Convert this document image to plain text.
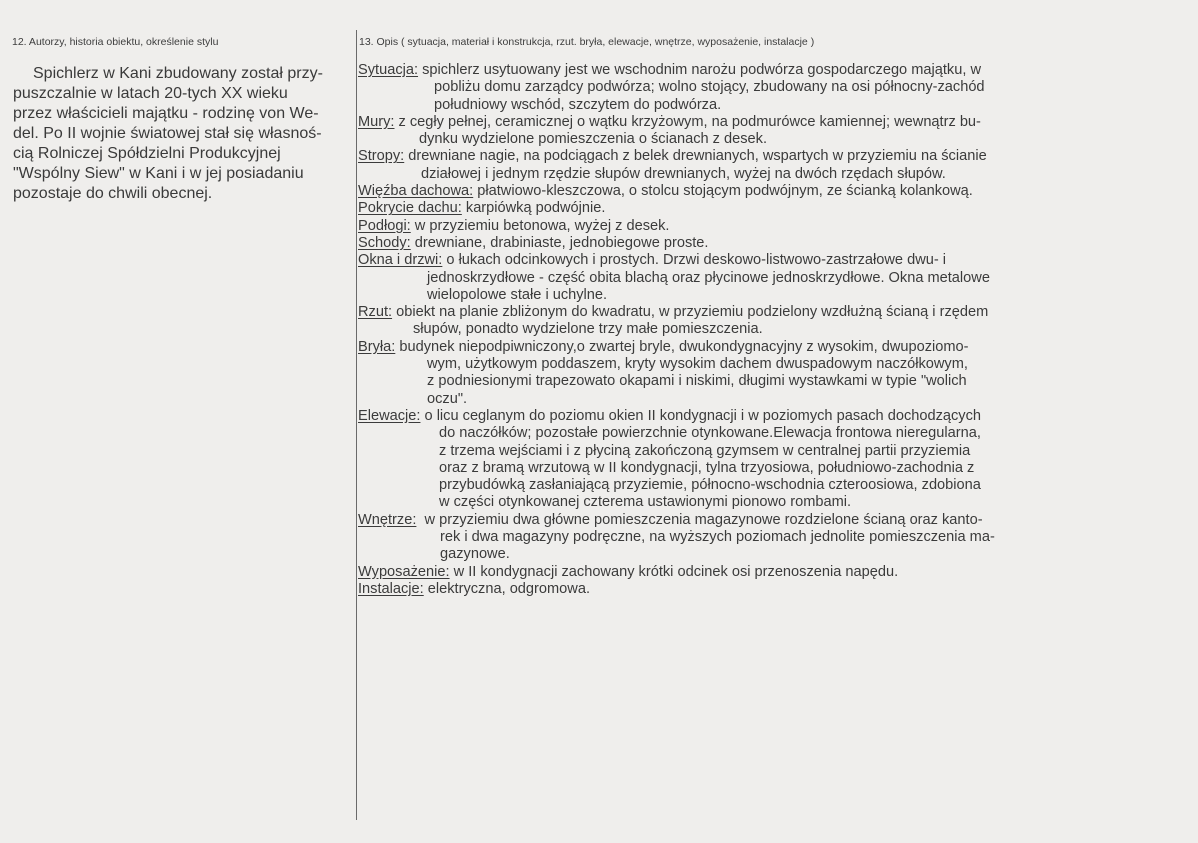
12. Autorzy, historia obiektu, określenie stylu	13. Opis ( sytuacja, materiał i konstrukcja, rzut. bryła, elewacje, wnętrze, wyposażenie, instalacje )

Spichlerz w Kani zbudowany został przy-
puszczalnie w latach 20-tych XX wieku
przez właścicieli majątku - rodzinę von We-
del. Po II wojnie światowej stał się własnoś-
cią Rolniczej Spółdzielni Produkcyjnej
"Wspólny Siew" w Kani i w jej posiadaniu
pozostaje do chwili obecnej.

Sytuacja: spichlerz usytuowany jest we wschodnim narożu podwórza gospodarczego majątku, w
pobliżu domu zarządcy podwórza; wolno stojący, zbudowany na osi północny-zachód
południowy wschód, szczytem do podwórza.
Mury: z cegły pełnej, ceramicznej o wątku krzyżowym, na podmurówce kamiennej; wewnątrz bu-
dynku wydzielone pomieszczenia o ścianach z desek.
Stropy: drewniane nagie, na podciągach z belek drewnianych, wspartych w przyziemiu na ścianie
działowej i jednym rzędzie słupów drewnianych, wyżej na dwóch rzędach słupów.
Więźba dachowa: płatwiowo-kleszczowa, o stolcu stojącym podwójnym, ze ścianką kolankową.
Pokrycie dachu: karpiówką podwójnie.
Podłogi: w przyziemiu betonowa, wyżej z desek.
Schody: drewniane, drabiniaste, jednobiegowe proste.
Okna i drzwi: o łukach odcinkowych i prostych. Drzwi deskowo-listwowo-zastrzałowe dwu- i
jednoskrzydłowe - część obita blachą oraz płycinowe jednoskrzydłowe. Okna metalowe
wielopolowe stałe i uchylne.
Rzut: obiekt na planie zbliżonym do kwadratu, w przyziemiu podzielony wzdłużną ścianą i rzędem
słupów, ponadto wydzielone trzy małe pomieszczenia.
Bryła: budynek niepodpiwniczony,o zwartej bryle, dwukondygnacyjny z wysokim, dwupoziomo-
wym, użytkowym poddaszem, kryty wysokim dachem dwuspadowym naczółkowym,
z podniesionymi trapezowato okapami i niskimi, długimi wystawkami w typie "wolich
oczu".
Elewacje: o licu ceglanym do poziomu okien II kondygnacji i w poziomych pasach dochodzących
do naczółków; pozostałe powierzchnie otynkowane.Elewacja frontowa nieregularna,
z trzema wejściami i z płyciną zakończoną gzymsem w centralnej partii przyziemia
oraz z bramą wrzutową w II kondygnacji, tylna trzyosiowa, południowo-zachodnia z
przybudówką zasłaniającą przyziemie, północno-wschodnia czteroosiowa, zdobiona
w części otynkowanej czterema ustawionymi pionowo rombami.
Wnętrze:  w przyziemiu dwa główne pomieszczenia magazynowe rozdzielone ścianą oraz kanto-
rek i dwa magazyny podręczne, na wyższych poziomach jednolite pomieszczenia ma-
gazynowe.
Wyposażenie: w II kondygnacji zachowany krótki odcinek osi przenoszenia napędu.
Instalacje: elektryczna, odgromowa.
